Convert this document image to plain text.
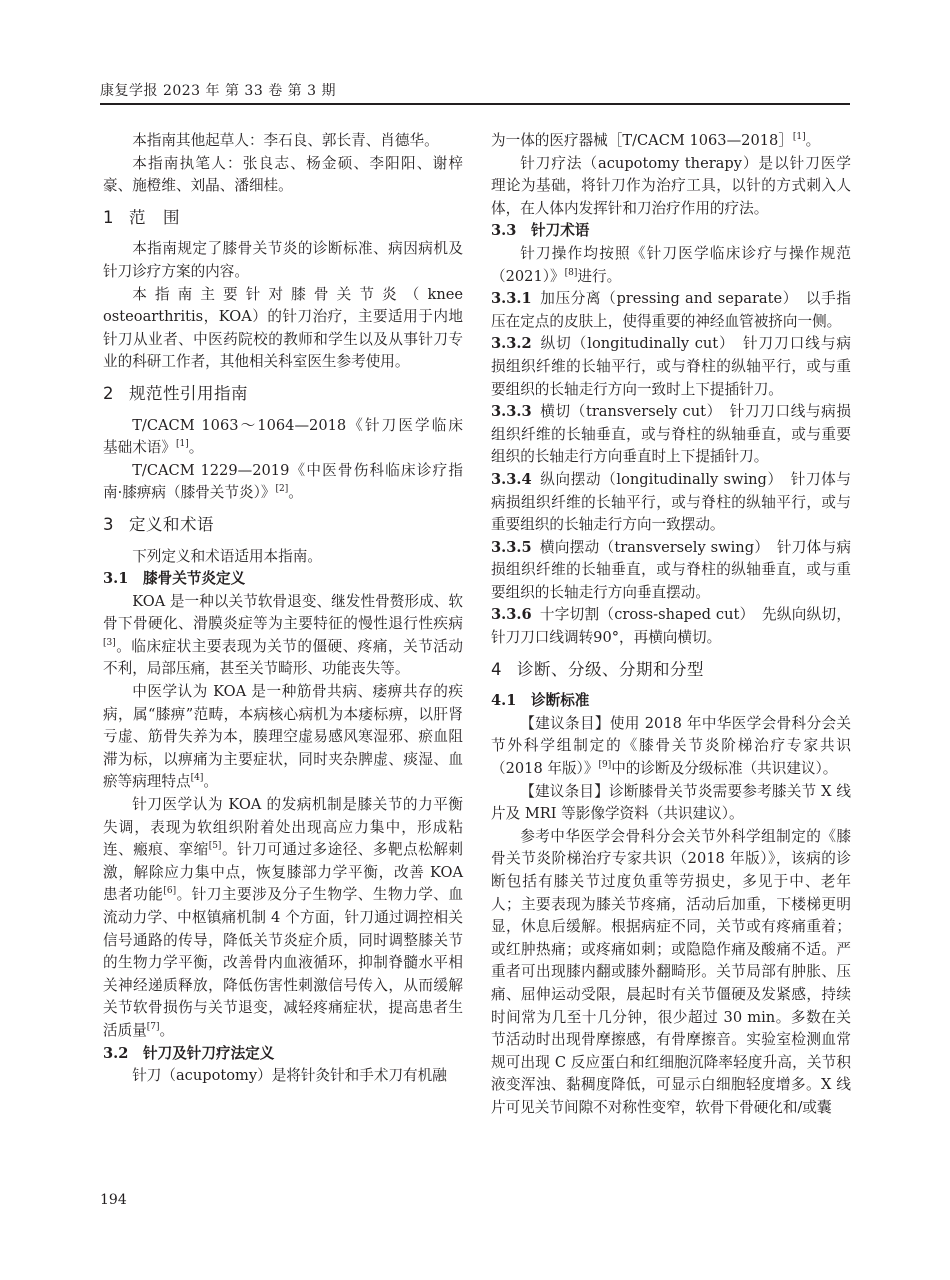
康复学报 2023 年 第 33 卷 第 3 期

本指南其他起草人：李石良、郭长青、肖德华。

本指南执笔人：张良志、杨金硕、李阳阳、谢梓豪、施橙维、刘晶、潘细桂。

1 范　围

本指南规定了膝骨关节炎的诊断标准、病因病机及针刀诊疗方案的内容。

本指南主要针对膝骨关节炎（knee osteoarthritis，KOA）的针刀治疗，主要适用于内地针刀从业者、中医药院校的教师和学生以及从事针刀专业的科研工作者，其他相关科室医生参考使用。

2 规范性引用指南

T/CACM 1063～1064—2018《针刀医学临床　基础术语》[1]。

T/CACM 1229—2019《中医骨伤科临床诊疗指南·膝痹病（膝骨关节炎）》[2]。

3 定义和术语

下列定义和术语适用本指南。

3.1 膝骨关节炎定义

KOA 是一种以关节软骨退变、继发性骨赘形成、软骨下骨硬化、滑膜炎症等为主要特征的慢性退行性疾病[3]。临床症状主要表现为关节的僵硬、疼痛，关节活动不利，局部压痛，甚至关节畸形、功能丧失等。

中医学认为 KOA 是一种筋骨共病、痿痹共存的疾病，属“膝痹”范畴，本病核心病机为本痿标痹，以肝肾亏虚、筋骨失养为本，腠理空虚易感风寒湿邪、瘀血阻滞为标，以痹痛为主要症状，同时夹杂脾虚、痰湿、血瘀等病理特点[4]。

针刀医学认为 KOA 的发病机制是膝关节的力平衡失调，表现为软组织附着处出现高应力集中，形成粘连、瘢痕、挛缩[5]。针刀可通过多途径、多靶点松解刺激，解除应力集中点，恢复膝部力学平衡，改善 KOA 患者功能[6]。针刀主要涉及分子生物学、生物力学、血流动力学、中枢镇痛机制 4 个方面，针刀通过调控相关信号通路的传导，降低关节炎症介质，同时调整膝关节的生物力学平衡，改善骨内血液循环，抑制脊髓水平相关神经递质释放，降低伤害性刺激信号传入，从而缓解关节软骨损伤与关节退变，减轻疼痛症状，提高患者生活质量[7]。

3.2 针刀及针刀疗法定义

针刀（acupotomy）是将针灸针和手术刀有机融

为一体的医疗器械［T/CACM 1063—2018］[1]。

针刀疗法（acupotomy therapy）是以针刀医学理论为基础，将针刀作为治疗工具，以针的方式刺入人体，在人体内发挥针和刀治疗作用的疗法。

3.3 针刀术语

针刀操作均按照《针刀医学临床诊疗与操作规范（2021）》[8]进行。

3.3.1 加压分离（pressing and separate）　以手指压在定点的皮肤上，使得重要的神经血管被挤向一侧。

3.3.2 纵切（longitudinally cut）　针刀刀口线与病损组织纤维的长轴平行，或与脊柱的纵轴平行，或与重要组织的长轴走行方向一致时上下提插针刀。

3.3.3 横切（transversely cut）　针刀刀口线与病损组织纤维的长轴垂直，或与脊柱的纵轴垂直，或与重要组织的长轴走行方向垂直时上下提插针刀。

3.3.4 纵向摆动（longitudinally swing）　针刀体与病损组织纤维的长轴平行，或与脊柱的纵轴平行，或与重要组织的长轴走行方向一致摆动。

3.3.5 横向摆动（transversely swing）　针刀体与病损组织纤维的长轴垂直，或与脊柱的纵轴垂直，或与重要组织的长轴走行方向垂直摆动。

3.3.6 十字切割（cross-shaped cut）　先纵向纵切，针刀刀口线调转90°，再横向横切。

4 诊断、分级、分期和分型
4.1 诊断标准

【建议条目】使用 2018 年中华医学会骨科分会关节外科学组制定的《膝骨关节炎阶梯治疗专家共识（2018 年版）》[9]中的诊断及分级标准（共识建议）。

【建议条目】诊断膝骨关节炎需要参考膝关节 X 线片及 MRI 等影像学资料（共识建议）。

参考中华医学会骨科分会关节外科学组制定的《膝骨关节炎阶梯治疗专家共识（2018 年版）》，该病的诊断包括有膝关节过度负重等劳损史，多见于中、老年人；主要表现为膝关节疼痛，活动后加重，下楼梯更明显，休息后缓解。根据病症不同，关节或有疼痛重着；或红肿热痛；或疼痛如刺；或隐隐作痛及酸痛不适。严重者可出现膝内翻或膝外翻畸形。关节局部有肿胀、压痛、屈伸运动受限，晨起时有关节僵硬及发紧感，持续时间常为几至十几分钟，很少超过 30 min。多数在关节活动时出现骨摩擦感，有骨摩擦音。实验室检测血常规可出现 C 反应蛋白和红细胞沉降率轻度升高，关节积液变浑浊、黏稠度降低，可显示白细胞轻度增多。X 线片可见关节间隙不对称性变窄，软骨下骨硬化和/或囊

194
